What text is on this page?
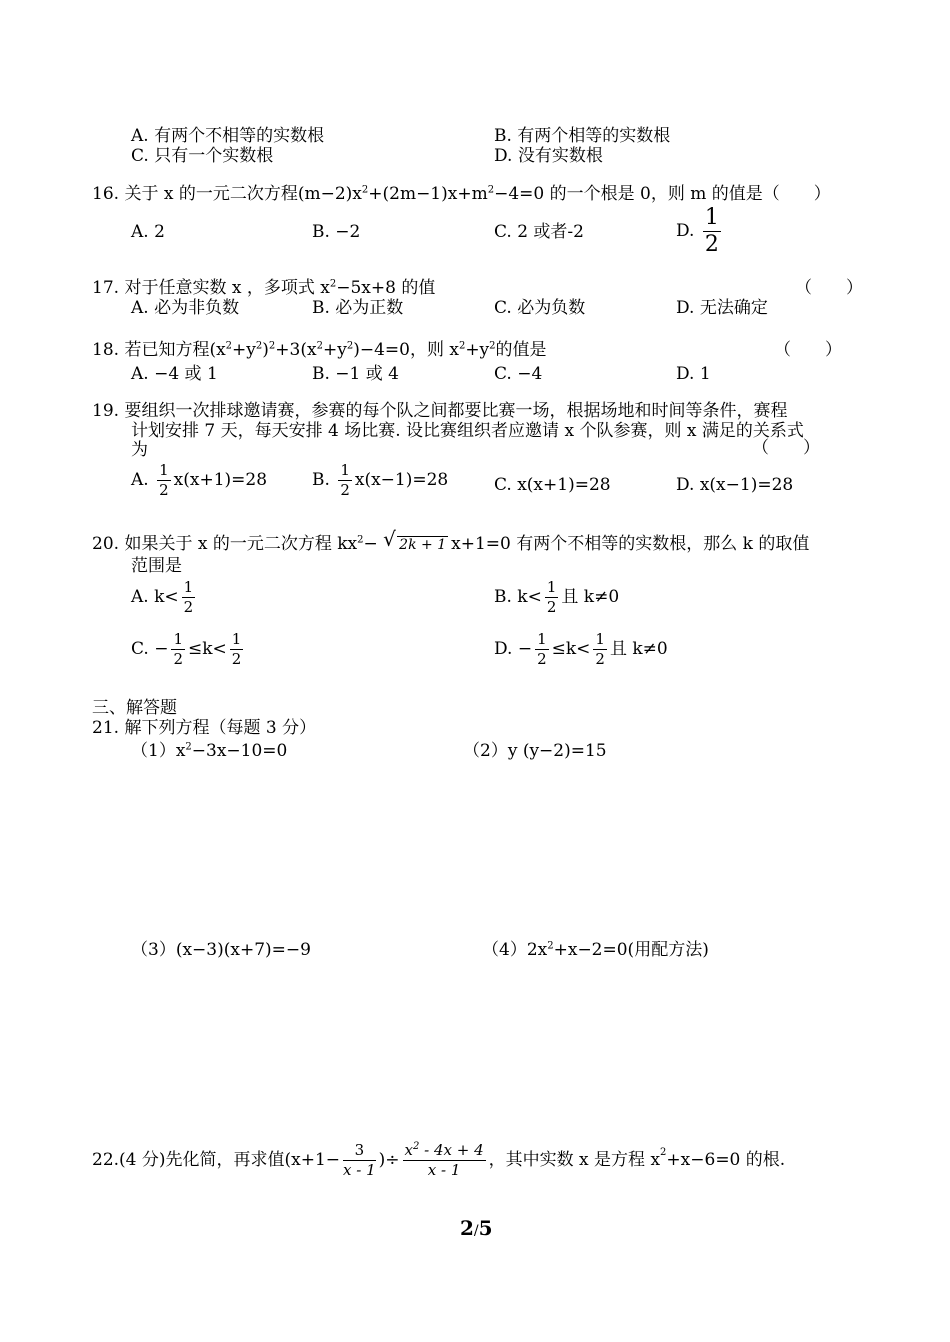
A. 有两个不相等的实数根	B. 有两个相等的实数根
C. 只有一个实数根	D. 没有实数根
16. 关于 x 的一元二次方程$(m-2)x^2+(2m-1)x+m^2-4=0$ 的一个根是 0，则 m 的值是（　　）
A. 2	B. −2	C. 2 或者-2	D. $\frac{1}{2}$
17. 对于任意实数 x ，多项式 $x^2-5x+8$ 的值	（　　）
A. 必为非负数	B. 必为正数	C. 必为负数	D. 无法确定
18. 若已知方程$(x^2+y^2)^2+3(x^2+y^2)-4=0$，则 $x^2+y^2$的值是	（　　）
A. −4 或 1	B. −1 或 4	C. −4	D. 1
19. 要组织一次排球邀请赛，参赛的每个队之间都要比赛一场，根据场地和时间等条件，赛程
计划安排 7 天，每天安排 4 场比赛. 设比赛组织者应邀请 x 个队参赛，则 x 满足的关系式
为	（　　）
A. $\frac{1}{2} x(x+1)=28$	B. $\frac{1}{2} x(x-1)=28$	C. x(x+1)=28	D. x(x−1)=28
20. 如果关于 x 的一元二次方程 $kx^2-$ √ 2k + 1 x+1=0 有两个不相等的实数根，那么 k 的取值
范围是
A. $k< \frac{1}{2}$	B. $k< \frac{1}{2}$ 且 k≠0
C. − $\frac{1}{2} \le k< \frac{1}{2}$	D. − $\frac{1}{2} \le k< \frac{1}{2}$ 且 k≠0
三、解答题
21. 解下列方程（每题 3 分）
$(1)x^2-3x-10=0$	（2）y (y−2)=15
（3）(x−3)(x+7)=−9	$(4)2x^2+x-2=0$(用配方法)
22.(4 分)先化简，再求值($x+1- \frac{3}{x - 1}$ )÷ $\frac{x^2 - 4x + 4}{x - 1}$ ，其中实数 x 是方程 $x^2+x-6=0$ 的根.
2/5
